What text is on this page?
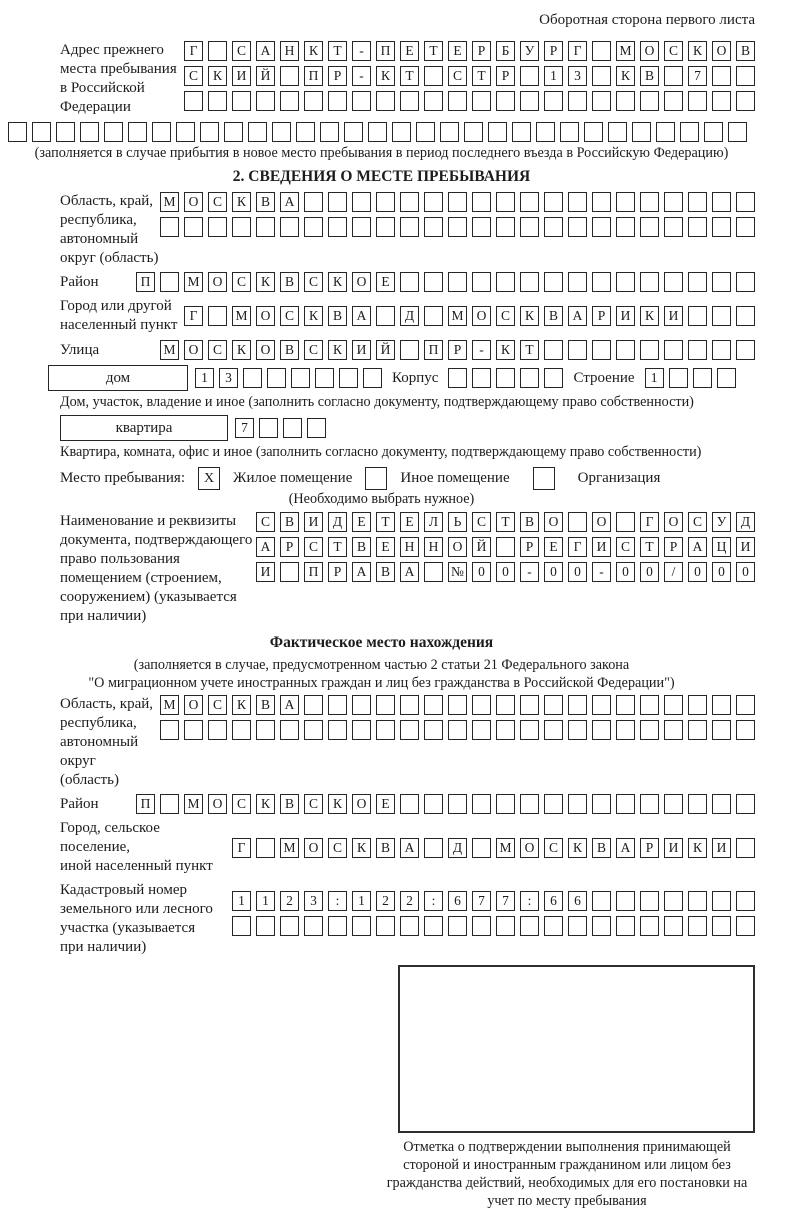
Оборотная сторона первого листа
Адрес прежнего
места пребывания
в Российской
Федерации
Г	С	А	Н	К	Т	-	П	Е	Т	Е	Р	Б	У	Р	Г	М О	С	К	О	В
С	К	И	Й	П	Р	-	К	Т	С	Т	Р	1	3	К	В	7
(заполняется в случае прибытия в новое место пребывания в период последнего въезда в Российскую Федерацию)
2. СВЕДЕНИЯ О МЕСТЕ ПРЕБЫВАНИЯ
Область, край,
республика,
автономный
округ (область)
М О	С	К	В	А
Район	П	М О	С	К	В	С	К	О	Е
Город или другой
населенный пункт
Г	М О	С	К	В	А	Д	М О	С	К	В	А	Р	И	К	И
Улица	М О	С	К	О	В	С	К	И	Й	П	Р	-	К	Т
дом	1	3	Корпус	Строение	1
Дом, участок, владение и иное (заполнить согласно документу, подтверждающему право собственности)
квартира	7
Квартира, комната, офис и иное (заполнить согласно документу, подтверждающему право собственности)
Место пребывания:	X	Жилое помещение	Иное помещение	Организация
(Необходимо выбрать нужное)
Наименование и реквизиты
документа, подтверждающего
право пользования
помещением (строением,
сооружением) (указывается
при наличии)
С	В	И	Д	Е	Т	Е	Л	Ь	С	Т	В	О	О	Г	О	С	У	Д
А	Р	С	Т	В	Е	Н	Н	О	Й	Р	Е	Г	И	С	Т	Р	А	Ц	И
И	П	Р	А	В	А	№	0	0	-	0	0	-	0	0	/	0	0	0
Фактическое место нахождения
(заполняется в случае, предусмотренном частью 2 статьи 21 Федерального закона
"О миграционном учете иностранных граждан и лиц без гражданства в Российской Федерации")
Область, край,
республика,
автономный округ
(область)
М О	С	К	В	А
Район	П	М О	С	К	В	С	К	О	Е
Город, сельское поселение,
иной населенный пункт
Г	М О	С	К	В	А	Д	М О	С	К	В	А	Р	И	К	И
Кадастровый номер
земельного или лесного
участка (указывается
при наличии)
1	1	2	3	:	1	2	2	:	6	7	7	:	6	6
Отметка о подтверждении выполнения принимающей стороной и иностранным гражданином или лицом без гражданства действий, необходимых для его постановки на учет по месту пребывания
